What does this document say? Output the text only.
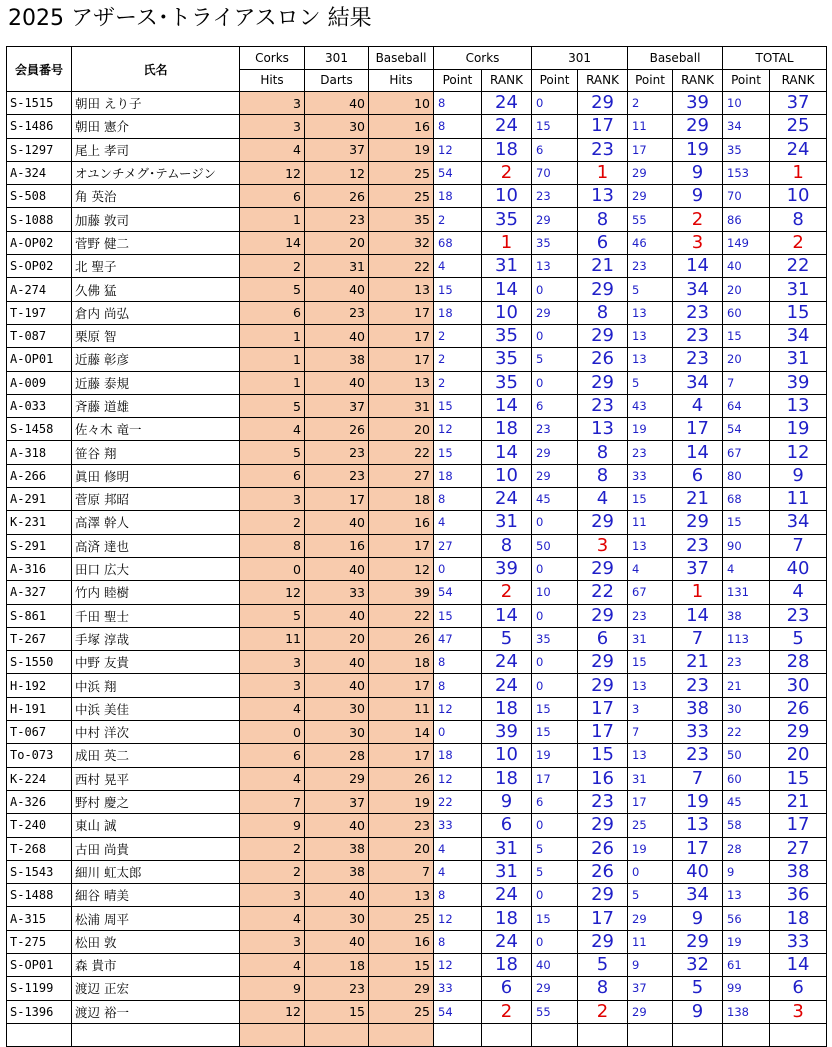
2025 アザース･トライアスロン 結果
会員番号	氏名	Corks	301	Baseball	Corks		301		Baseball		TOTAL	
		Hits	Darts	Hits	Point	RANK	Point	RANK	Point	RANK	Point	RANK
S-1515	朝田 えり子	3	40	10	8	24	0	29	2	39	10	37
S-1486	朝田 憲介	3	30	16	8	24	15	17	11	29	34	25
S-1297	尾上 孝司	4	37	19	12	18	6	23	17	19	35	24
A-324	オユンチメグ･テムージン	12	12	25	54	2	70	1	29	9	153	1
S-508	角 英治	6	26	25	18	10	23	13	29	9	70	10
S-1088	加藤 敦司	1	23	35	2	35	29	8	55	2	86	8
A-OP02	菅野 健二	14	20	32	68	1	35	6	46	3	149	2
S-OP02	北 聖子	2	31	22	4	31	13	21	23	14	40	22
A-274	久佛 猛	5	40	13	15	14	0	29	5	34	20	31
T-197	倉内 尚弘	6	23	17	18	10	29	8	13	23	60	15
T-087	栗原 智	1	40	17	2	35	0	29	13	23	15	34
A-OP01	近藤 彰彦	1	38	17	2	35	5	26	13	23	20	31
A-009	近藤 泰規	1	40	13	2	35	0	29	5	34	7	39
A-033	斉藤 道雄	5	37	31	15	14	6	23	43	4	64	13
S-1458	佐々木 竜一	4	26	20	12	18	23	13	19	17	54	19
A-318	笹谷 翔	5	23	22	15	14	29	8	23	14	67	12
A-266	眞田 修明	6	23	27	18	10	29	8	33	6	80	9
A-291	菅原 邦昭	3	17	18	8	24	45	4	15	21	68	11
K-231	高澤 幹人	2	40	16	4	31	0	29	11	29	15	34
S-291	高済 達也	8	16	17	27	8	50	3	13	23	90	7
A-316	田口 広大	0	40	12	0	39	0	29	4	37	4	40
A-327	竹内 睦樹	12	33	39	54	2	10	22	67	1	131	4
S-861	千田 聖士	5	40	22	15	14	0	29	23	14	38	23
T-267	手塚 淳哉	11	20	26	47	5	35	6	31	7	113	5
S-1550	中野 友貴	3	40	18	8	24	0	29	15	21	23	28
H-192	中浜 翔	3	40	17	8	24	0	29	13	23	21	30
H-191	中浜 美佳	4	30	11	12	18	15	17	3	38	30	26
T-067	中村 洋次	0	30	14	0	39	15	17	7	33	22	29
To-073	成田 英二	6	28	17	18	10	19	15	13	23	50	20
K-224	西村 晃平	4	29	26	12	18	17	16	31	7	60	15
A-326	野村 慶之	7	37	19	22	9	6	23	17	19	45	21
T-240	東山 誠	9	40	23	33	6	0	29	25	13	58	17
T-268	古田 尚貴	2	38	20	4	31	5	26	19	17	28	27
S-1543	細川 虹太郎	2	38	7	4	31	5	26	0	40	9	38
S-1488	細谷 晴美	3	40	13	8	24	0	29	5	34	13	36
A-315	松浦 周平	4	30	25	12	18	15	17	29	9	56	18
T-275	松田 敦	3	40	16	8	24	0	29	11	29	19	33
S-OP01	森 貴市	4	18	15	12	18	40	5	9	32	61	14
S-1199	渡辺 正宏	9	23	29	33	6	29	8	37	5	99	6
S-1396	渡辺 裕一	12	15	25	54	2	55	2	29	9	138	3
